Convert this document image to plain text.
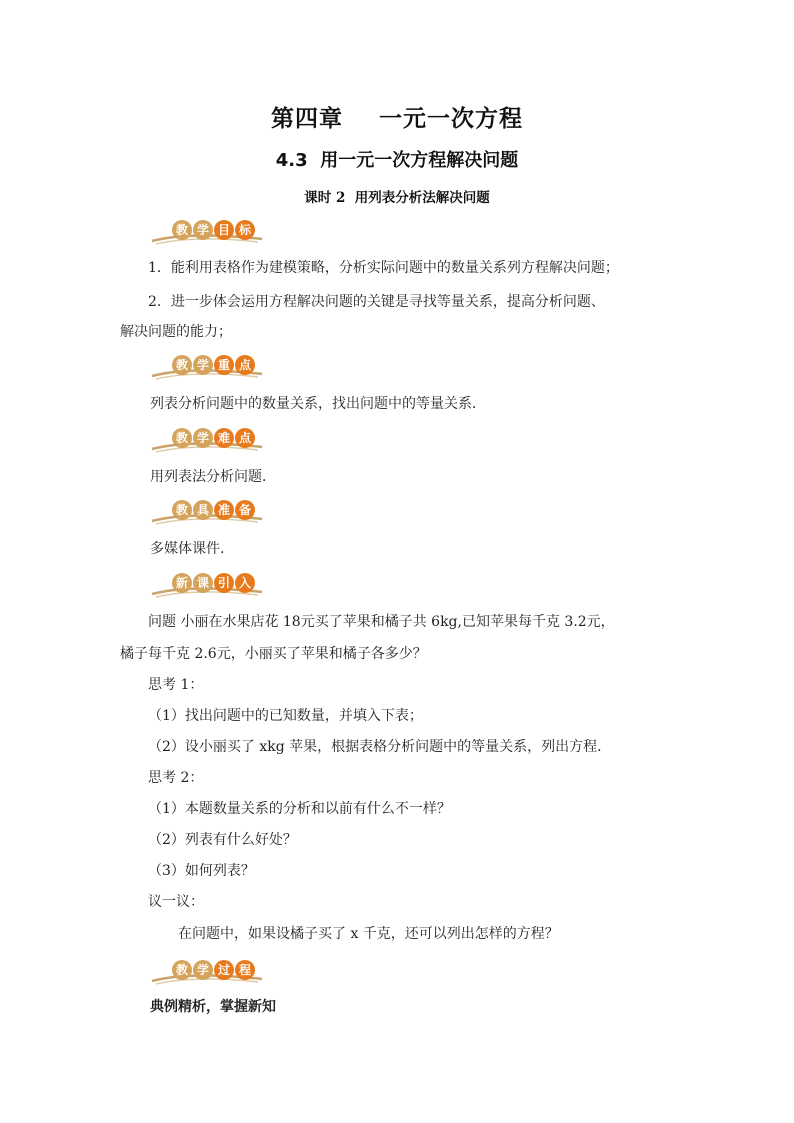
第四章    一元一次方程
4.3  用一元一次方程解决问题
课时 2  用列表分析法解决问题
教 学 目 标
1．能利用表格作为建模策略，分析实际问题中的数量关系列方程解决问题；
2．进一步体会运用方程解决问题的关键是寻找等量关系，提高分析问题、
解决问题的能力；
教 学 重 点
列表分析问题中的数量关系，找出问题中的等量关系．
教 学 难 点
用列表法分析问题．
教 具 准 备
多媒体课件.
新 课 引 入
问题 小丽在水果店花 18元买了苹果和橘子共 6kg,已知苹果每千克 3.2元，
橘子每千克 2.6元，小丽买了苹果和橘子各多少？
思考 1：
（1）找出问题中的已知数量，并填入下表；
（2）设小丽买了 xkg 苹果，根据表格分析问题中的等量关系，列出方程．
思考 2：
（1）本题数量关系的分析和以前有什么不一样？
（2）列表有什么好处？
（3）如何列表？
议一议：
在问题中，如果设橘子买了 x 千克，还可以列出怎样的方程？
教 学 过 程
典例精析，掌握新知
